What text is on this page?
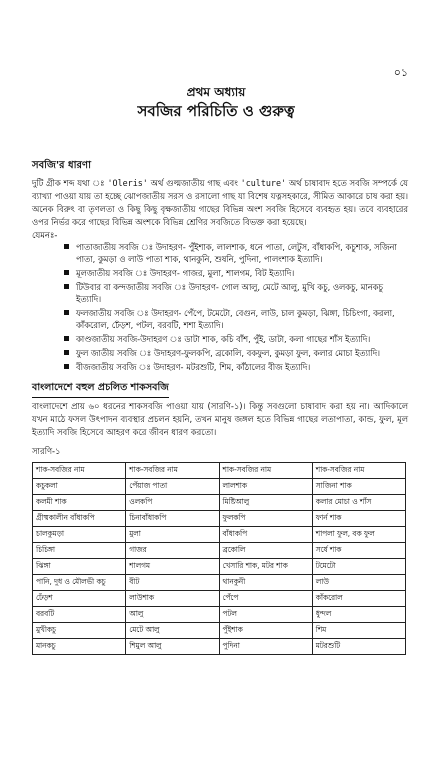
০১
প্রথম অধ্যায়
সবজির পরিচিতি ও গুরুত্ব
সবজি'র ধারণা

দুটি গ্রীক শব্দ যথা ঃ 'Oleris' অর্থ গুল্মজাতীয় গাছ এবং 'culture' অর্থ চাষাবাদ হতে সবজি সম্পর্কে যে ব্যাখ্যা পাওয়া যায় তা হচ্ছে ঝোপজাতীয় সরস ও রসালো গাছ যা বিশেষ যত্নসহকারে, সীমিত আকারে চাষ করা হয়। অনেক বিরুৎ বা তৃণলতা ও কিছু কিছু বৃক্ষজাতীয় গাছের বিভিন্ন অংশ সবজি হিসেবে ব্যবহৃত হয়। তবে ব্যবহারের ওপর নির্ভর করে গাছের বিভিন্ন অংশকে বিভিন্ন শ্রেণির সবজিতে বিভক্ত করা হয়েছে।

যেমনঃ-

পাতাজাতীয় সবজি ঃ উদাহরণ- পুঁইশাক, লালশাক, ধনে পাতা, লেটুস, বাঁধাকপি, কচুশাক, সজিনা পাতা, কুমড়া ও লাউ পাতা শাক, থানকুনি, শুষনি, পুদিনা, পালংশাক ইত্যাদি।
মূলজাতীয় সবজি ঃ উদাহরণ- গাজর, মুলা, শালগম, বিট ইত্যাদি।
টিউবার বা কন্দজাতীয় সবজি ঃ উদাহরণ- গোল আলু, মেটে আলু, মুখি কচু, ওলকচু, মানকচু ইত্যাদি।
ফলজাতীয় সবজি ঃ উদাহরণ- পেঁপে, টমেটো, বেগুন, লাউ, চাল কুমড়া, ঝিঙ্গা, চিচিংগা, করলা, কাঁকরোল, ঢেঁড়শ, পটল, বরবটি, শশা ইত্যাদি।
কাণ্ডজাতীয় সবজি-উদাহরণ ঃ ডাটা শাক, কচি বাঁশ, পুঁই, ডাটা, কলা গাছের শাঁস ইত্যাদি।
ফুল জাতীয় সবজি ঃ উদাহরণ-ফুলকপি, ব্রকোলি, বকফুল, কুমড়া ফুল, কলার মোচা ইত্যাদি।
বীজজাতীয় সবজি ঃ উদাহরণ- মটরশুটি, শিম, কাঁঠালের বীজ ইত্যাদি।
বাংলাদেশে বহুল প্রচলিত শাকসবজি

বাংলাদেশে প্রায় ৬০ ধরনের শাকসবজি পাওয়া যায় (সারণি-১)। কিন্তু সবগুলো চাষাবাদ করা হয় না। আদিকালে যখন মাঠে ফসল উৎপাদন ব্যবস্থার প্রচলন হয়নি, তখন মানুষ জঙ্গল হতে বিভিন্ন গাছের লতাপাতা, কান্ড, ফুল, মূল ইত্যাদি সবজি হিসেবে আহরণ করে জীবন ধারণ করতো।

সারণি-১
শাক-সবজির নাম	শাক-সবজির নাম	শাক-সবজির নাম	শাক-সবজির নাম
কচুকলা	পেঁয়াজ পাতা	লালশাক	সাজিনা শাক
কলমী শাক	ওলকপি	মিষ্টিআলু	কলার মোচা ও শাঁস
গ্রীষ্মকালীন বাঁধাকপি	চিনাবাঁধাকপি	ফুলকপি	ফার্ন শাক
চালকুমড়া	মুলা	বাঁধাকপি	শাপলা ফুল, বক ফুল
চিচিঙ্গা	গাজর	ব্রকোলি	সর্ষে শাক
ঝিঙ্গা	শালগম	খেসারি শাক, মটর শাক	টমেটো
পানি, দুধ ও মৌলভী কচু	বীট	থানকুনী	লাউ
ঢেঁড়শ	লাউশাক	পেঁপে	কাঁকরোল
বরবটি	আলু	পটল	ধুন্দল
মুখীকচু	মেটে আলু	পুঁইশাক	শিম
মানকচু	শিমুল আলু	পুদিনা	মটরশুটি
